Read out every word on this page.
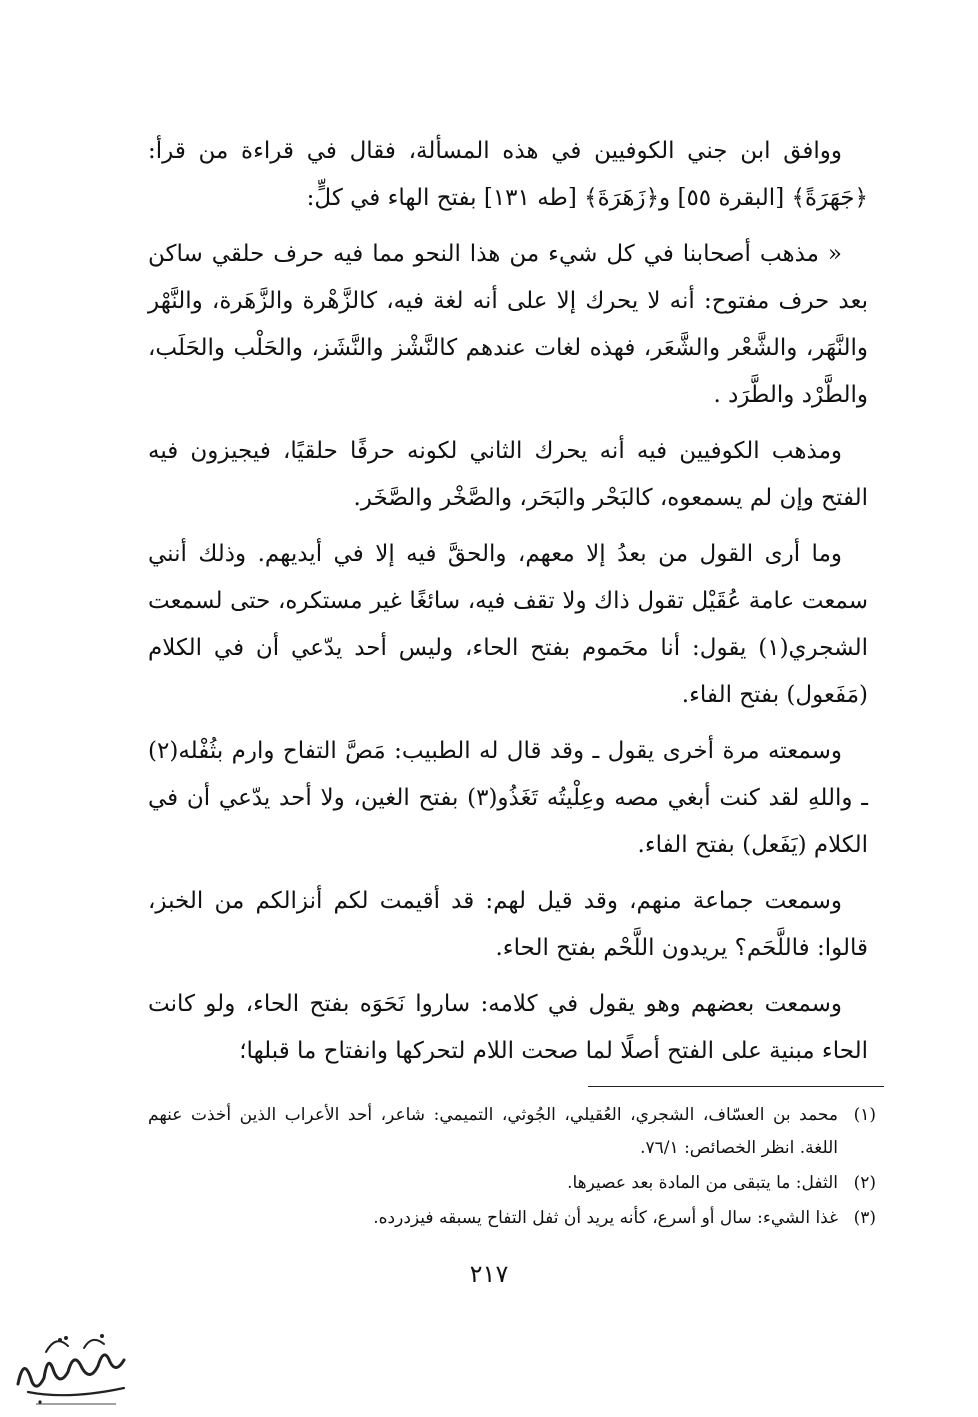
ووافق ابن جني الكوفيين في هذه المسألة، فقال في قراءة من قرأ: ﴿جَهَرَةً﴾ [البقرة ٥٥] و﴿زَهَرَةَ﴾ [طه ١٣١] بفتح الهاء في كلٍّ:

« مذهب أصحابنا في كل شيء من هذا النحو مما فيه حرف حلقي ساكن بعد حرف مفتوح: أنه لا يحرك إلا على أنه لغة فيه، كالزَّهْرة والزَّهَرة، والنَّهْر والنَّهَر، والشَّعْر والشَّعَر، فهذه لغات عندهم كالنَّشْز والنَّشَز، والحَلْب والحَلَب، والطَّرْد والطَّرَد .

ومذهب الكوفيين فيه أنه يحرك الثاني لكونه حرفًا حلقيًا، فيجيزون فيه الفتح وإن لم يسمعوه، كالبَحْر والبَحَر، والصَّخْر والصَّخَر.

وما أرى القول من بعدُ إلا معهم، والحقَّ فيه إلا في أيديهم. وذلك أنني سمعت عامة عُقَيْل تقول ذاك ولا تقف فيه، سائغًا غير مستكره، حتى لسمعت الشجري(١) يقول: أنا محَموم بفتح الحاء، وليس أحد يدّعي أن في الكلام (مَفَعول) بفتح الفاء.

وسمعته مرة أخرى يقول ـ وقد قال له الطبيب: مَصَّ التفاح وارم بثُفْله(٢) ـ واللهِ لقد كنت أبغي مصه وعِلْيتُه تَغَذُو(٣) بفتح الغين، ولا أحد يدّعي أن في الكلام (يَفَعل) بفتح الفاء.

وسمعت جماعة منهم، وقد قيل لهم: قد أقيمت لكم أنزالكم من الخبز، قالوا: فاللَّحَم؟ يريدون اللَّحْم بفتح الحاء.

وسمعت بعضهم وهو يقول في كلامه: ساروا نَحَوَه بفتح الحاء، ولو كانت الحاء مبنية على الفتح أصلًا لما صحت اللام لتحركها وانفتاح ما قبلها؛

(١)
محمد بن العسّاف، الشجري، العُقيلي، الجُوثي، التميمي: شاعر، أحد الأعراب الذين أخذت عنهم اللغة. انظر الخصائص: ٧٦/١.
(٢)
الثفل: ما يتبقى من المادة بعد عصيرها.
(٣)
غذا الشيء: سال أو أسرع، كأنه يريد أن ثفل التفاح يسبقه فيزدرده.
٢١٧
